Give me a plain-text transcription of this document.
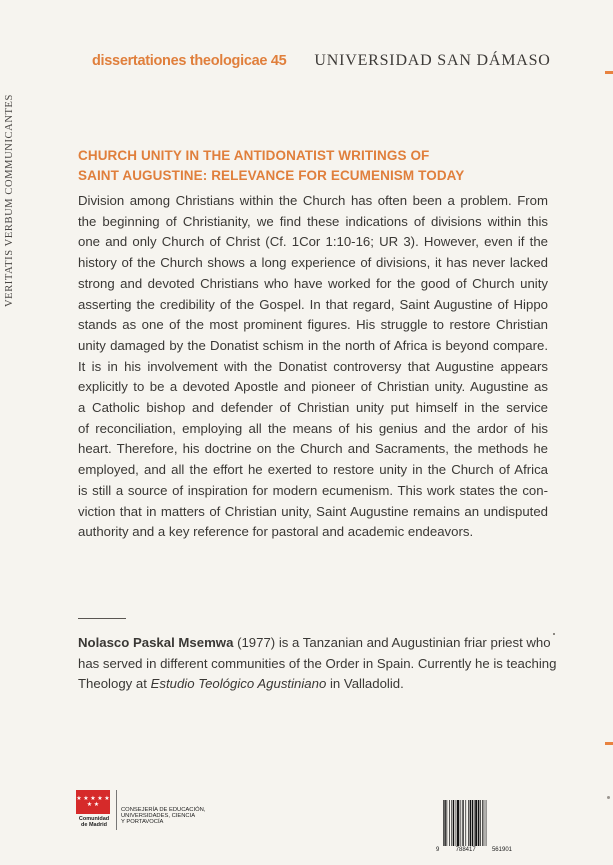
VERITATIS VERBUM COMMUNICANTES
dissertationes theologicae 45 UNIVERSIDAD SAN DÁMASO
CHURCH UNITY IN THE ANTIDONATIST WRITINGS OF
SAINT AUGUSTINE: RELEVANCE FOR ECUMENISM TODAY
Division among Christians within the Church has often been a problem. From
the beginning of Christianity, we find these indications of divisions within this
one and only Church of Christ (Cf. 1Cor 1:10-16; UR 3). However, even if the
history of the Church shows a long experience of divisions, it has never lacked
strong and devoted Christians who have worked for the good of Church unity
asserting the credibility of the Gospel. In that regard, Saint Augustine of Hippo
stands as one of the most prominent figures. His struggle to restore Christian
unity damaged by the Donatist schism in the north of Africa is beyond compare.
It is in his involvement with the Donatist controversy that Augustine appears
explicitly to be a devoted Apostle and pioneer of Christian unity. Augustine as
a Catholic bishop and defender of Christian unity put himself in the service
of reconciliation, employing all the means of his genius and the ardor of his
heart. Therefore, his doctrine on the Church and Sacraments, the methods he
employed, and all the effort he exerted to restore unity in the Church of Africa
is still a source of inspiration for modern ecumenism. This work states the con-
viction that in matters of Christian unity, Saint Augustine remains an undisputed
authority and a key reference for pastoral and academic endeavors.
Nolasco Paskal Msemwa (1977) is a Tanzanian and Augustinian friar priest who
has served in different communities of the Order in Spain. Currently he is teaching
Theology at Estudio Teológico Agustiniano in Valladolid.
★ ★ ★ ★ ★
★ ★
Comunidad
de Madrid
CONSEJERÍA DE EDUCACIÓN,
UNIVERSIDADES, CIENCIA
Y PORTAVOCÍA
9	788417	561901
